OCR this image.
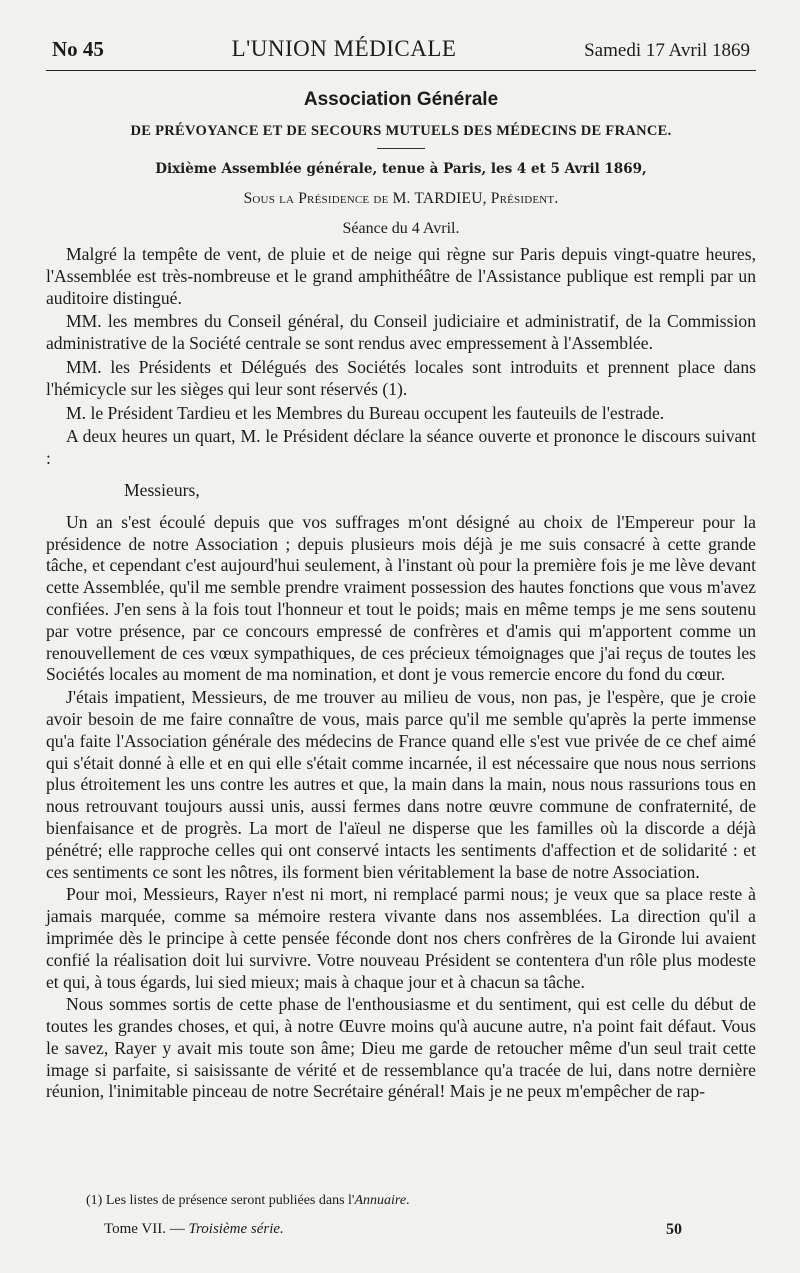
No 45	L'UNION MÉDICALE	Samedi 17 Avril 1869
Association Générale
DE PRÉVOYANCE ET DE SECOURS MUTUELS DES MÉDECINS DE FRANCE.
Dixième Assemblée générale, tenue à Paris, les 4 et 5 Avril 1869,
Sous la Présidence de M. TARDIEU, Président.
Séance du 4 Avril.

Malgré la tempête de vent, de pluie et de neige qui règne sur Paris depuis vingt-quatre heures, l'Assemblée est très-nombreuse et le grand amphithéâtre de l'Assistance publique est rempli par un auditoire distingué.

MM. les membres du Conseil général, du Conseil judiciaire et administratif, de la Commission administrative de la Société centrale se sont rendus avec empressement à l'Assemblée.

MM. les Présidents et Délégués des Sociétés locales sont introduits et prennent place dans l'hémicycle sur les sièges qui leur sont réservés (1).

M. le Président Tardieu et les Membres du Bureau occupent les fauteuils de l'estrade.

A deux heures un quart, M. le Président déclare la séance ouverte et prononce le discours suivant :

Messieurs,

Un an s'est écoulé depuis que vos suffrages m'ont désigné au choix de l'Empereur pour la présidence de notre Association ; depuis plusieurs mois déjà je me suis consacré à cette grande tâche, et cependant c'est aujourd'hui seulement, à l'instant où pour la première fois je me lève devant cette Assemblée, qu'il me semble prendre vraiment possession des hautes fonctions que vous m'avez confiées. J'en sens à la fois tout l'honneur et tout le poids; mais en même temps je me sens soutenu par votre présence, par ce concours empressé de confrères et d'amis qui m'apportent comme un renouvellement de ces vœux sympathiques, de ces précieux témoignages que j'ai reçus de toutes les Sociétés locales au moment de ma nomination, et dont je vous remercie encore du fond du cœur.

J'étais impatient, Messieurs, de me trouver au milieu de vous, non pas, je l'espère, que je croie avoir besoin de me faire connaître de vous, mais parce qu'il me semble qu'après la perte immense qu'a faite l'Association générale des médecins de France quand elle s'est vue privée de ce chef aimé qui s'était donné à elle et en qui elle s'était comme incarnée, il est nécessaire que nous nous serrions plus étroitement les uns contre les autres et que, la main dans la main, nous nous rassurions tous en nous retrouvant toujours aussi unis, aussi fermes dans notre œuvre commune de confraternité, de bienfaisance et de progrès. La mort de l'aïeul ne disperse que les familles où la discorde a déjà pénétré; elle rapproche celles qui ont conservé intacts les sentiments d'affection et de solidarité : et ces sentiments ce sont les nôtres, ils forment bien véritablement la base de notre Association.

Pour moi, Messieurs, Rayer n'est ni mort, ni remplacé parmi nous; je veux que sa place reste à jamais marquée, comme sa mémoire restera vivante dans nos assemblées. La direction qu'il a imprimée dès le principe à cette pensée féconde dont nos chers confrères de la Gironde lui avaient confié la réalisation doit lui survivre. Votre nouveau Président se contentera d'un rôle plus modeste et qui, à tous égards, lui sied mieux; mais à chaque jour et à chacun sa tâche.

Nous sommes sortis de cette phase de l'enthousiasme et du sentiment, qui est celle du début de toutes les grandes choses, et qui, à notre Œuvre moins qu'à aucune autre, n'a point fait défaut. Vous le savez, Rayer y avait mis toute son âme; Dieu me garde de retoucher même d'un seul trait cette image si parfaite, si saisissante de vérité et de ressemblance qu'a tracée de lui, dans notre dernière réunion, l'inimitable pinceau de notre Secrétaire général! Mais je ne peux m'empêcher de rap-

(1) Les listes de présence seront publiées dans l'Annuaire.
Tome VII. — Troisième série.	50
